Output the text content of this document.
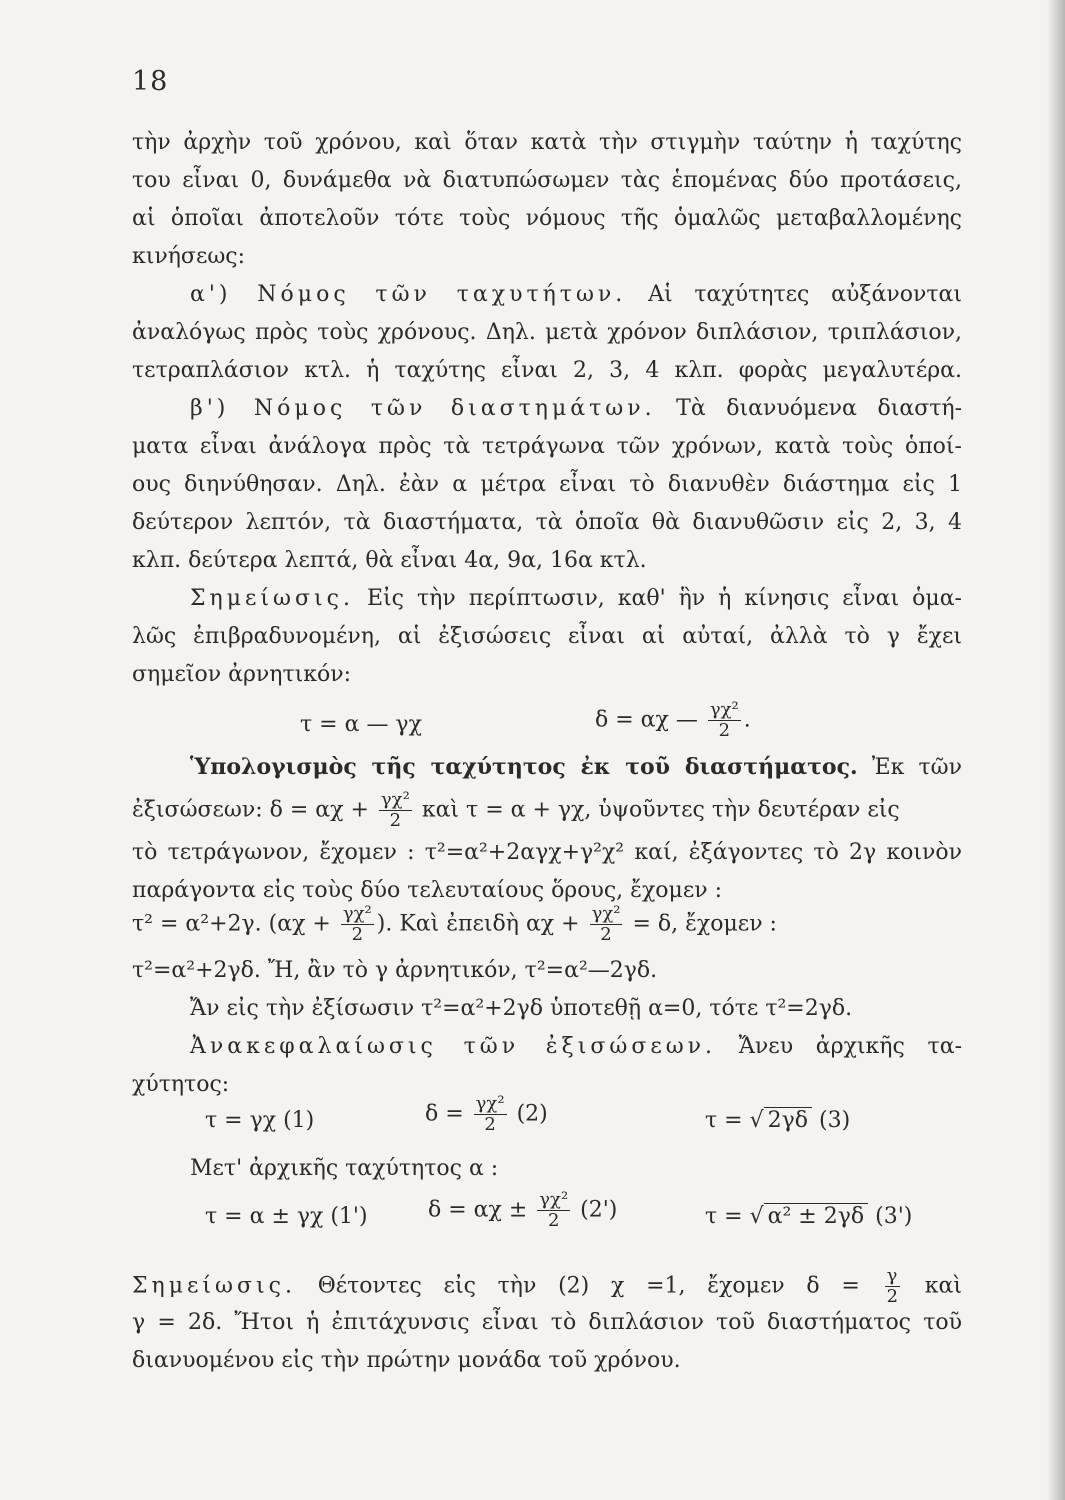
18
τὴν ἀρχὴν τοῦ χρόνου, καὶ ὅταν κατὰ τὴν στιγμὴν ταύτην ἡ ταχύτης
του εἶναι 0, δυνάμεθα νὰ διατυπώσωμεν τὰς ἑπομένας δύο προτάσεις,
αἱ ὁποῖαι ἀποτελοῦν τότε τοὺς νόμους τῆς ὁμαλῶς μεταβαλλομένης
κινήσεως:
α') Νόμος τῶν ταχυτήτων. Αἱ ταχύτητες αὐξάνονται
ἀναλόγως πρὸς τοὺς χρόνους. Δηλ. μετὰ χρόνον διπλάσιον, τριπλάσιον,
τετραπλάσιον κτλ. ἡ ταχύτης εἶναι 2, 3, 4 κλπ. φορὰς μεγαλυτέρα.
β') Νόμος τῶν διαστημάτων. Τὰ διανυόμενα διαστή-
ματα εἶναι ἀνάλογα πρὸς τὰ τετράγωνα τῶν χρόνων, κατὰ τοὺς ὁποί-
ους διηνύθησαν. Δηλ. ἐὰν α μέτρα εἶναι τὸ διανυθὲν διάστημα εἰς 1
δεύτερον λεπτόν, τὰ διαστήματα, τὰ ὁποῖα θὰ διανυθῶσιν εἰς 2, 3, 4
κλπ. δεύτερα λεπτά, θὰ εἶναι 4α, 9α, 16α κτλ.
Σημείωσις. Εἰς τὴν περίπτωσιν, καθ' ἣν ἡ κίνησις εἶναι ὁμα-
λῶς ἐπιβραδυνομένη, αἱ ἐξισώσεις εἶναι αἱ αὐταί, ἀλλὰ τὸ γ ἔχει
σημεῖον ἀρνητικόν:
τ = α — γχ	δ = αχ — $\frac{\text{γχ²}}{2}$ .
Ὑπολογισμὸς τῆς ταχύτητος ἐκ τοῦ διαστήματος. Ἐκ τῶν
ἐξισώσεων: $\delta = \alpha\chi + \frac{\text{γχ²}}{2}$ καὶ τ = α + γχ, ὑψοῦντες τὴν δευτέραν εἰς
τὸ τετράγωνον, ἔχομεν : τ²=α²+2αγχ+γ²χ² καί, ἐξάγοντες τὸ 2γ κοινὸν
παράγοντα εἰς τοὺς δύο τελευταίους ὅρους, ἔχομεν :
τ² = α²+2γ. ($\alpha\chi + \frac{\text{γχ²}}{2}$ ). Καὶ ἐπειδὴ $\alpha\chi + \frac{\text{γχ²}}{2} = \delta$, ἔχομεν :
τ²=α²+2γδ. Ἤ, ἂν τὸ γ ἀρνητικόν, τ²=α²—2γδ.
Ἄν εἰς τὴν ἐξίσωσιν τ²=α²+2γδ ὑποτεθῇ α=0, τότε τ²=2γδ.
Ἀνακεφαλαίωσις τῶν ἐξισώσεων. Ἄνευ ἀρχικῆς τα-
χύτητος:
τ = γχ (1)	$\delta = \frac{\text{γχ²}}{2} (2)$	τ = √ 2γδ (3)
Μετ' ἀρχικῆς ταχύτητος α :
τ = α ± γχ (1')	$\delta = \alpha\chi \pm \frac{\text{γχ²}}{2} (2')$	τ = √ α² ± 2γδ (3')
Σημείωσις. Θέτοντες εἰς τὴν (2) χ =1, ἔχομεν $\delta = \frac{\gamma}{2}$ καὶ
γ = 2δ. Ἤτοι ἡ ἐπιτάχυνσις εἶναι τὸ διπλάσιον τοῦ διαστήματος τοῦ
διανυομένου εἰς τὴν πρώτην μονάδα τοῦ χρόνου.
